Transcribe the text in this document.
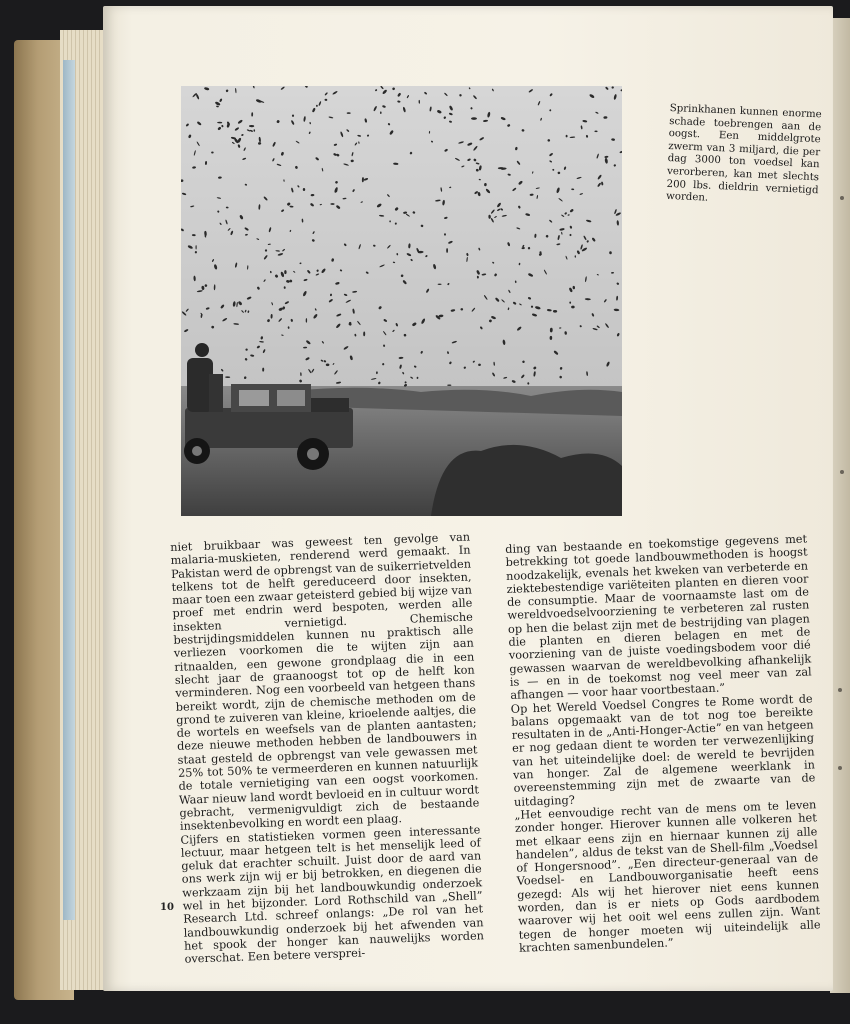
Sprinkhanen kunnen enorme schade toebrengen aan de oogst. Een middelgrote zwerm van 3 miljard, die per dag 3000 ton voedsel kan verorberen, kan met slechts 200 lbs. dieldrin vernietigd worden.
niet bruikbaar was geweest ten gevolge van malaria-muskieten, renderend werd gemaakt. In Pakistan werd de opbrengst van de suikerrietvelden telkens tot de helft gereduceerd door insekten, maar toen een zwaar geteisterd gebied bij wijze van proef met endrin werd bespoten, werden alle insekten vernietigd. Chemische bestrijdingsmiddelen kunnen nu praktisch alle verliezen voorkomen die te wijten zijn aan ritnaalden, een gewone grondplaag die in een slecht jaar de graanoogst tot op de helft kon verminderen. Nog een voorbeeld van hetgeen thans bereikt wordt, zijn de chemische methoden om de grond te zuiveren van kleine, krioelende aaltjes, die de wortels en weefsels van de planten aantasten; deze nieuwe methoden hebben de landbouwers in staat gesteld de opbrengst van vele gewassen met 25% tot 50% te vermeerderen en kunnen natuurlijk de totale vernietiging van een oogst voorkomen. Waar nieuw land wordt bevloeid en in cultuur wordt gebracht, vermenigvuldigt zich de bestaande insektenbevolking en wordt een plaag.
Cijfers en statistieken vormen geen interessante lectuur, maar hetgeen telt is het menselijk leed of geluk dat erachter schuilt. Juist door de aard van ons werk zijn wij er bij betrokken, en diegenen die werkzaam zijn bij het landbouwkundig onderzoek wel in het bijzonder. Lord Rothschild van „Shell” Research Ltd. schreef onlangs: „De rol van het landbouwkundig onderzoek bij het afwenden van het spook der honger kan nauwelijks worden overschat. Een betere versprei-
ding van bestaande en toekomstige gegevens met betrekking tot goede landbouwmethoden is hoogst noodzakelijk, evenals het kweken van verbeterde en ziektebestendige variëteiten planten en dieren voor de consumptie. Maar de voornaamste last om de wereldvoedselvoorziening te verbeteren zal rusten op hen die belast zijn met de bestrijding van plagen die planten en dieren belagen en met de voorziening van de juiste voedingsbodem voor dié gewassen waarvan de wereldbevolking afhankelijk is — en in de toekomst nog veel meer van zal afhangen — voor haar voortbestaan.”
Op het Wereld Voedsel Congres te Rome wordt de balans opgemaakt van de tot nog toe bereikte resultaten in de „Anti-Honger-Actie” en van hetgeen er nog gedaan dient te worden ter verwezenlijking van het uiteindelijke doel: de wereld te bevrijden van honger. Zal de algemene weerklank in overeenstemming zijn met de zwaarte van de uitdaging?
„Het eenvoudige recht van de mens om te leven zonder honger. Hierover kunnen alle volkeren het met elkaar eens zijn en hiernaar kunnen zij alle handelen”, aldus de tekst van de Shell-film „Voedsel of Hongersnood”. „Een directeur-generaal van de Voedsel- en Landbouworganisatie heeft eens gezegd: Als wij het hierover niet eens kunnen worden, dan is er niets op Gods aardbodem waarover wij het ooit wel eens zullen zijn. Want tegen de honger moeten wij uiteindelijk alle krachten samenbundelen.”
10
